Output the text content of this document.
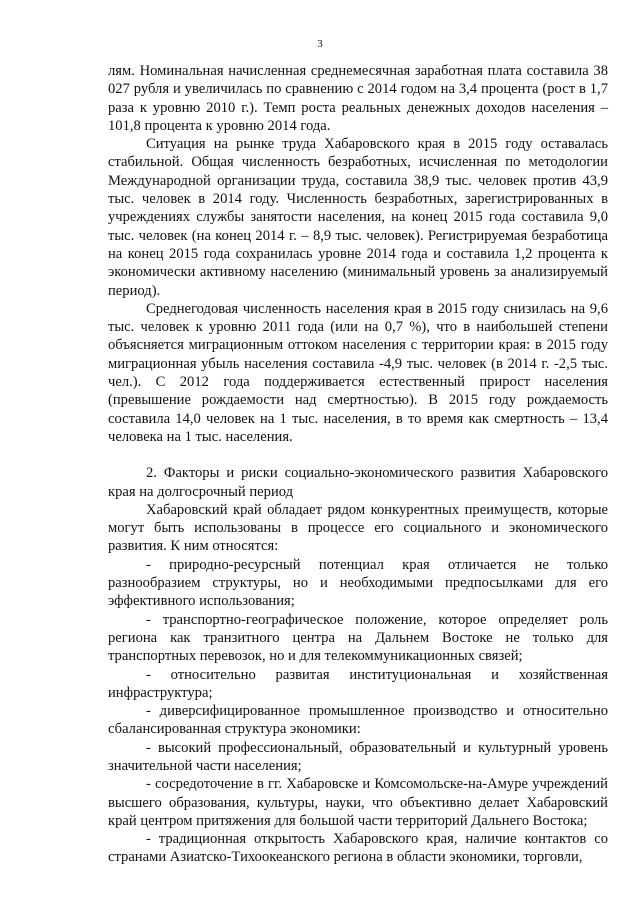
3

лям. Номинальная начисленная среднемесячная заработная плата составила 38 027 рубля и увеличилась по сравнению с 2014 годом на 3,4 процента (рост в 1,7 раза к уровню 2010 г.). Темп роста реальных денежных доходов населения – 101,8 процента к уровню 2014 года.

Ситуация на рынке труда Хабаровского края в 2015 году оставалась стабильной. Общая численность безработных, исчисленная по методологии Международной организации труда, составила 38,9 тыс. человек против 43,9 тыс. человек в 2014 году. Численность безработных, зарегистрированных в учреждениях службы занятости населения, на конец 2015 года составила 9,0 тыс. человек (на конец 2014 г. – 8,9 тыс. человек). Регистрируемая безработица на конец 2015 года сохранилась уровне 2014 года и составила 1,2 процента к экономически активному населению (минимальный уровень за анализируемый период).

Среднегодовая численность населения края в 2015 году снизилась на 9,6 тыс. человек к уровню 2011 года (или на 0,7 %), что в наибольшей степени объясняется миграционным оттоком населения с территории края: в 2015 году миграционная убыль населения составила -4,9 тыс. человек (в 2014 г. -2,5 тыс. чел.). С 2012 года поддерживается естественный прирост населения (превышение рождаемости над смертностью). В 2015 году рождаемость составила 14,0 человек на 1 тыс. населения, в то время как смертность – 13,4 человека на 1 тыс. населения.

2. Факторы и риски социально-экономического развития Хабаровского края на долгосрочный период

Хабаровский край обладает рядом конкурентных преимуществ, которые могут быть использованы в процессе его социального и экономического развития. К ним относятся:

- природно-ресурсный потенциал края отличается не только разнообразием структуры, но и необходимыми предпосылками для его эффективного использования;

- транспортно-географическое положение, которое определяет роль региона как транзитного центра на Дальнем Востоке не только для транспортных перевозок, но и для телекоммуникационных связей;

- относительно развитая институциональная и хозяйственная инфраструктура;

- диверсифицированное промышленное производство и относительно сбалансированная структура экономики:

- высокий профессиональный, образовательный и культурный уровень значительной части населения;

- сосредоточение в гг. Хабаровске и Комсомольске-на-Амуре учреждений высшего образования, культуры, науки, что объективно делает Хабаровский край центром притяжения для большой части территорий Дальнего Востока;

- традиционная открытость Хабаровского края, наличие контактов со странами Азиатско-Тихоокеанского региона в области экономики, торговли,
